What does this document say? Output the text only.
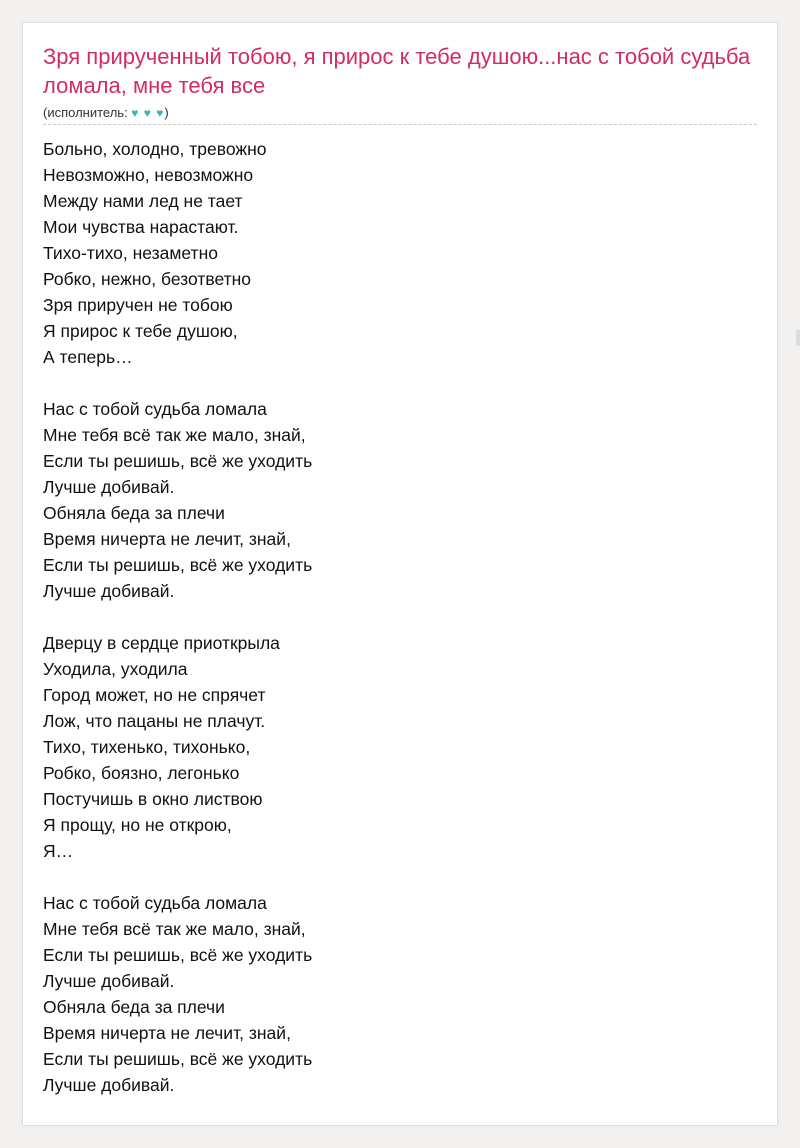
Зря прирученный тобою, я прирос к тебе душою...нас с тобой судьба ломала, мне тебя все
(исполнитель: ♥ ♥ ♥)
Больно, холодно, тревожно
Невозможно, невозможно
Между нами лед не тает
Мои чувства нарастают.
Тихо-тихо, незаметно
Робко, нежно, безответно
Зря приручен не тобою
Я прирос к тебе душою,
А теперь…
Нас с тобой судьба ломала
Мне тебя всё так же мало, знай,
Если ты решишь, всё же уходить
Лучше добивай.
Обняла беда за плечи
Время ничерта не лечит, знай,
Если ты решишь, всё же уходить
Лучше добивай.
Дверцу в сердце приоткрыла
Уходила, уходила
Город может, но не спрячет
Лож, что пацаны не плачут.
Тихо, тихенько, тихонько,
Робко, боязно, легонько
Постучишь в окно листвою
Я прощу, но не открою,
Я…
Нас с тобой судьба ломала
Мне тебя всё так же мало, знай,
Если ты решишь, всё же уходить
Лучше добивай.
Обняла беда за плечи
Время ничерта не лечит, знай,
Если ты решишь, всё же уходить
Лучше добивай.
